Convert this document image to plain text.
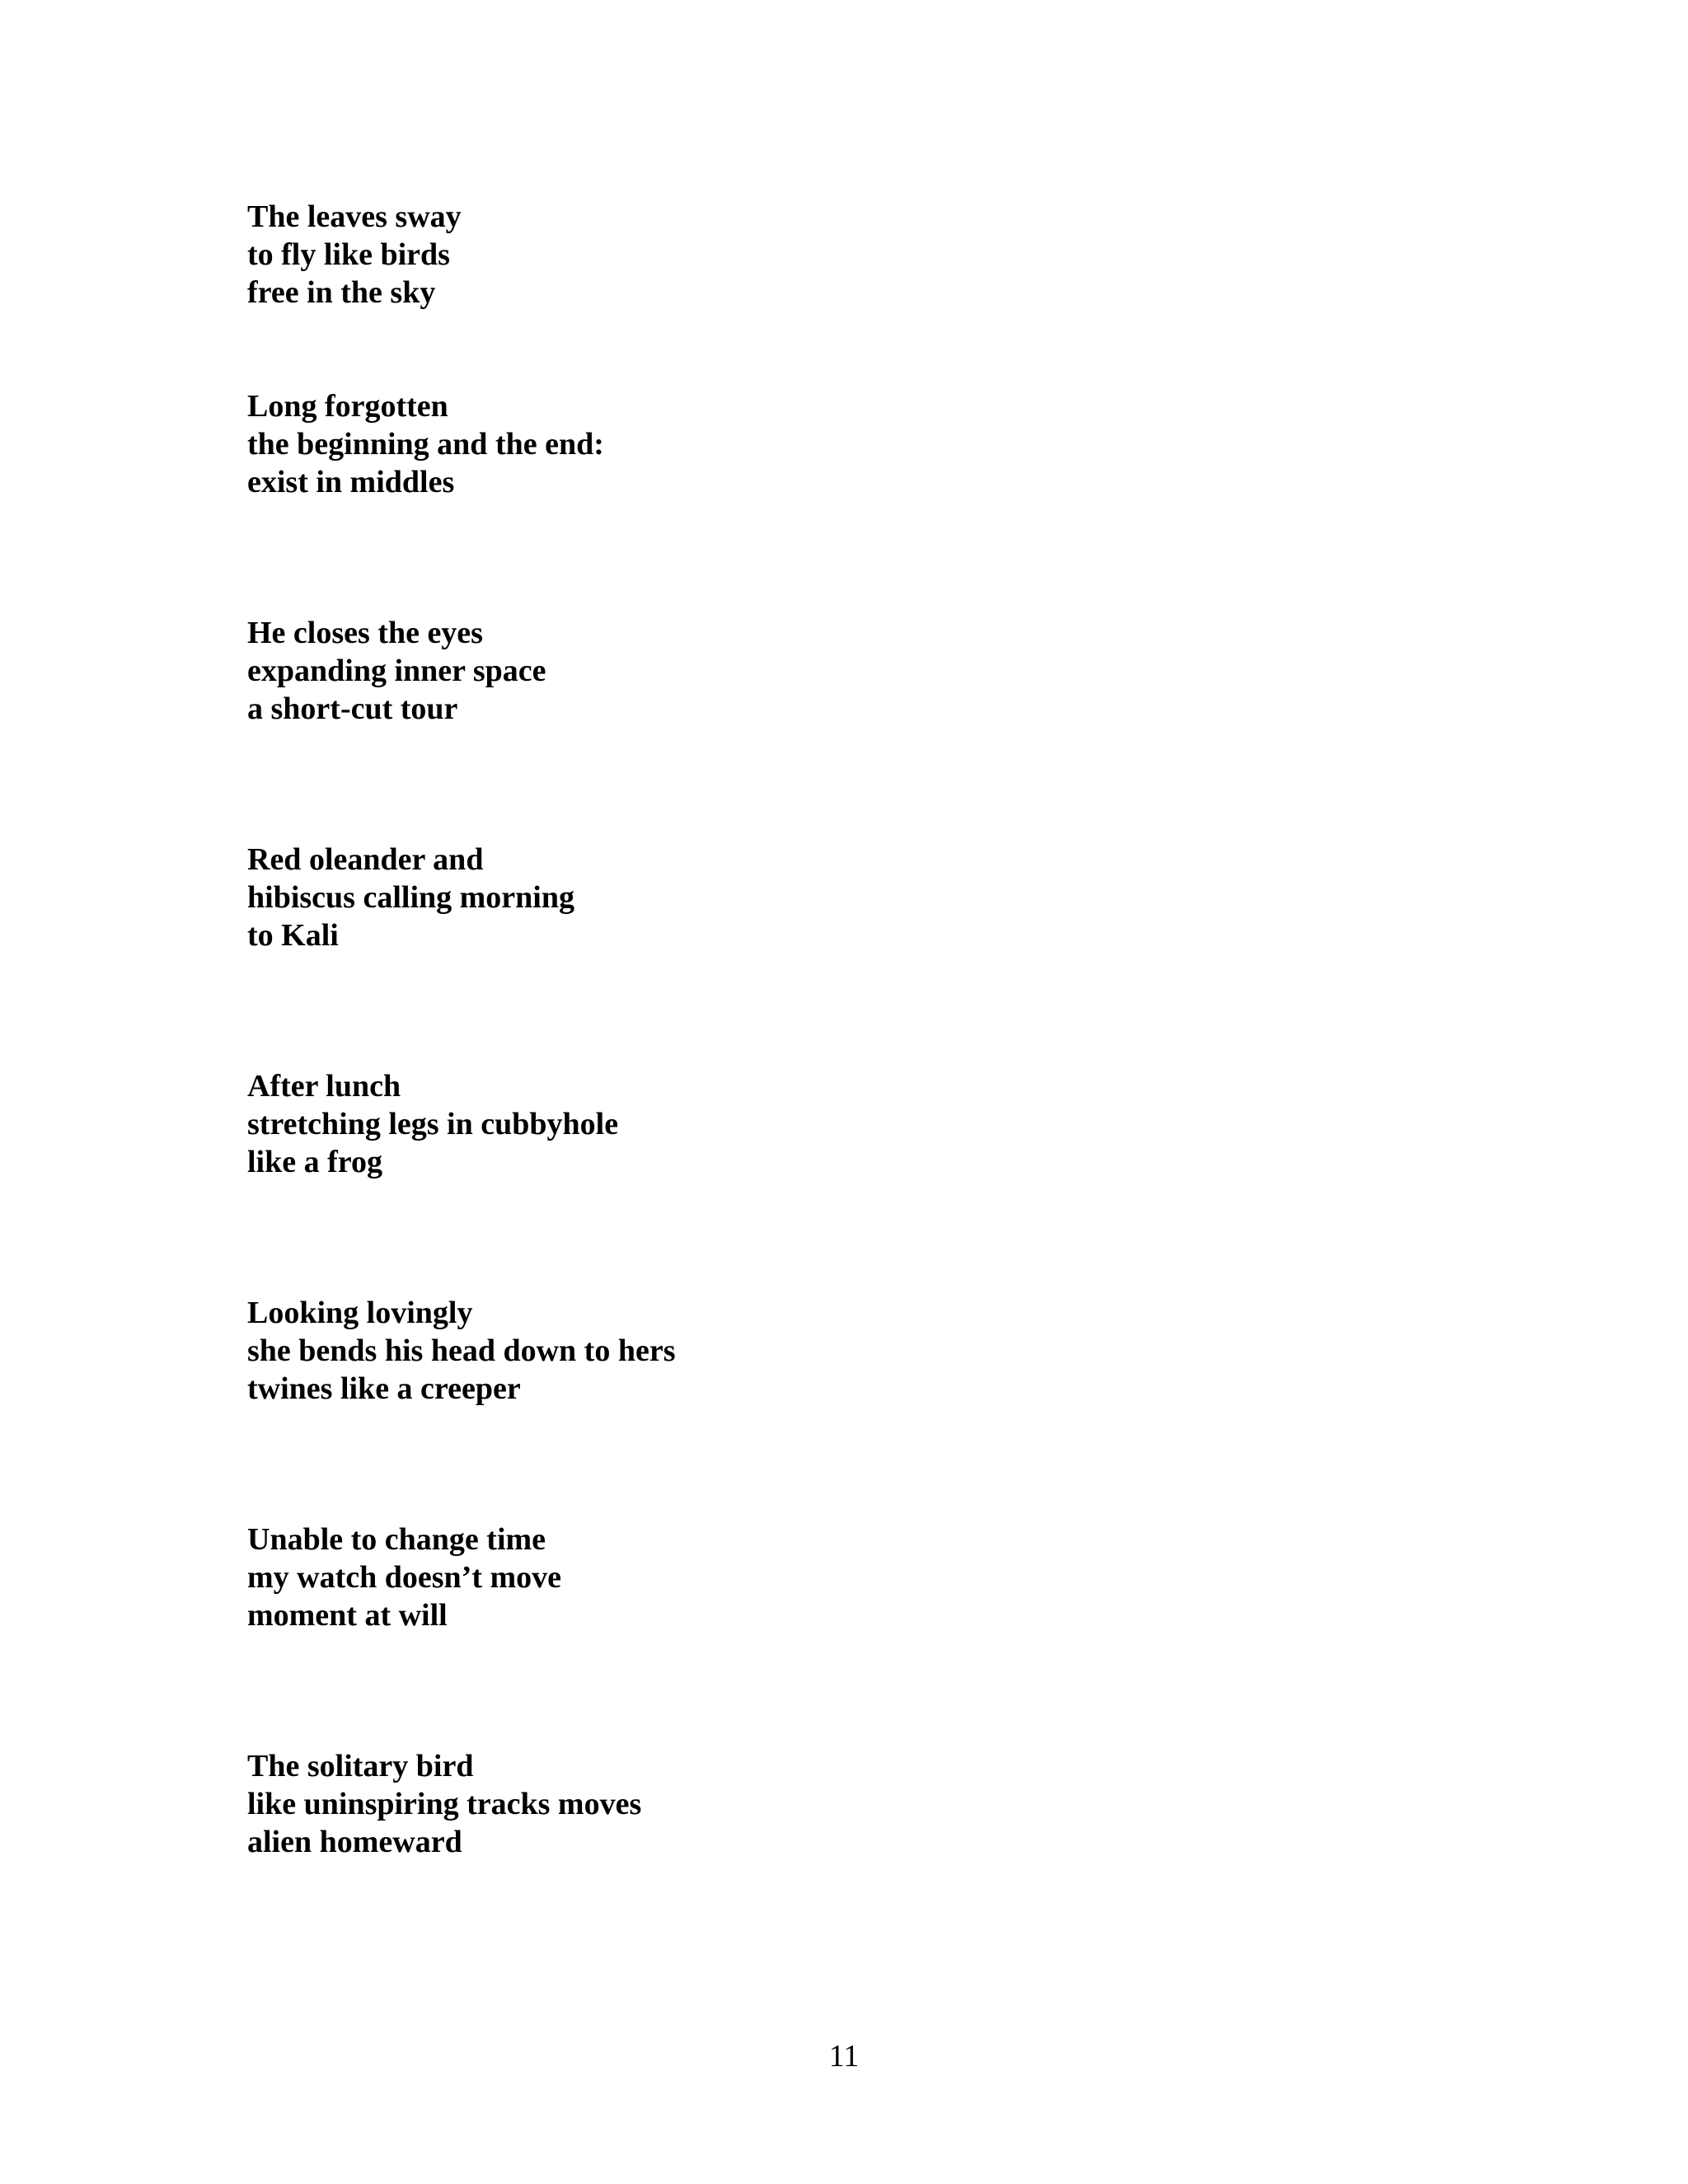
The leaves sway
to fly like birds
free in the sky
Long forgotten
the beginning and the end:
exist in middles
He closes the eyes
expanding inner space
a short-cut tour
Red oleander and
hibiscus calling morning
to Kali
After lunch
stretching legs in cubbyhole
like a frog
Looking lovingly
she bends his head down to hers
twines like a creeper
Unable to change time
my watch doesn’t move
moment at will
The solitary bird
like uninspiring tracks moves
alien homeward
11
